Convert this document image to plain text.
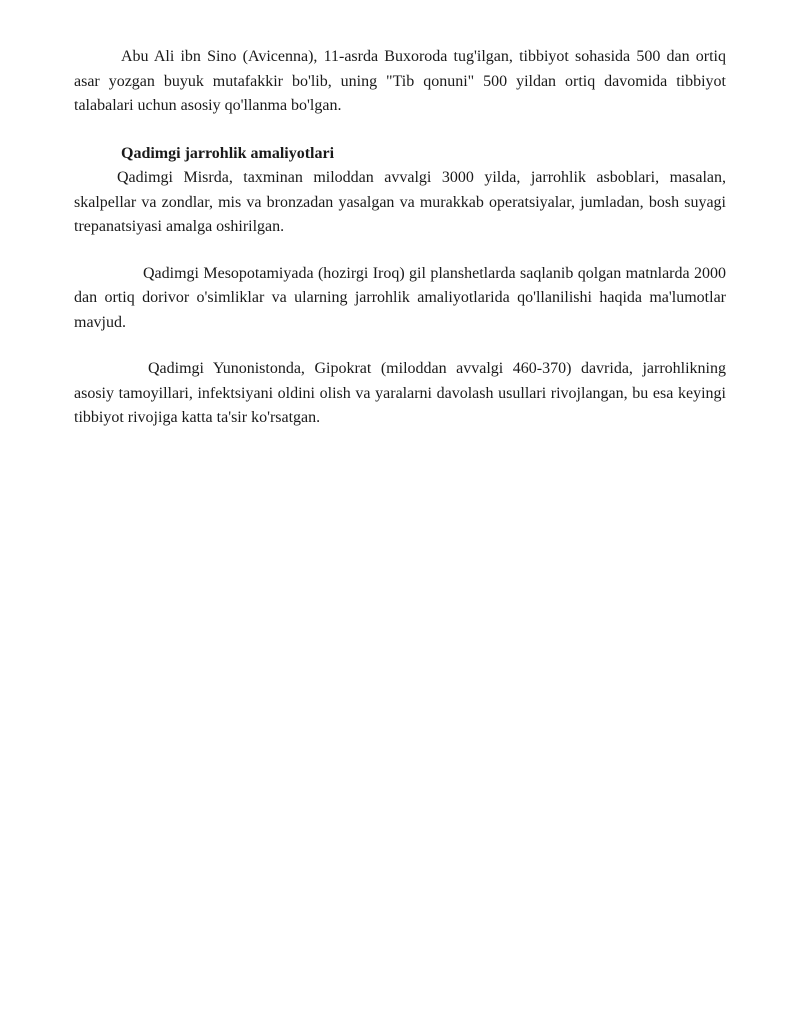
Abu Ali ibn Sino (Avicenna), 11-asrda Buxoroda tug'ilgan, tibbiyot sohasida 500 dan ortiq asar yozgan buyuk mutafakkir bo'lib, uning "Tib qonuni" 500 yildan ortiq davomida tibbiyot talabalari uchun asosiy qo'llanma bo'lgan.

Qadimgi jarrohlik amaliyotlari

Qadimgi Misrda, taxminan miloddan avvalgi 3000 yilda, jarrohlik asboblari, masalan, skalpellar va zondlar, mis va bronzadan yasalgan va murakkab operatsiyalar, jumladan, bosh suyagi trepanatsiyasi amalga oshirilgan.

Qadimgi Mesopotamiyada (hozirgi Iroq) gil planshetlarda saqlanib qolgan matnlarda 2000 dan ortiq dorivor o'simliklar va ularning jarrohlik amaliyotlarida qo'llanilishi haqida ma'lumotlar mavjud.

Qadimgi Yunonistonda, Gipokrat (miloddan avvalgi 460-370) davrida, jarrohlikning asosiy tamoyillari, infektsiyani oldini olish va yaralarni davolash usullari rivojlangan, bu esa keyingi tibbiyot rivojiga katta ta'sir ko'rsatgan.
